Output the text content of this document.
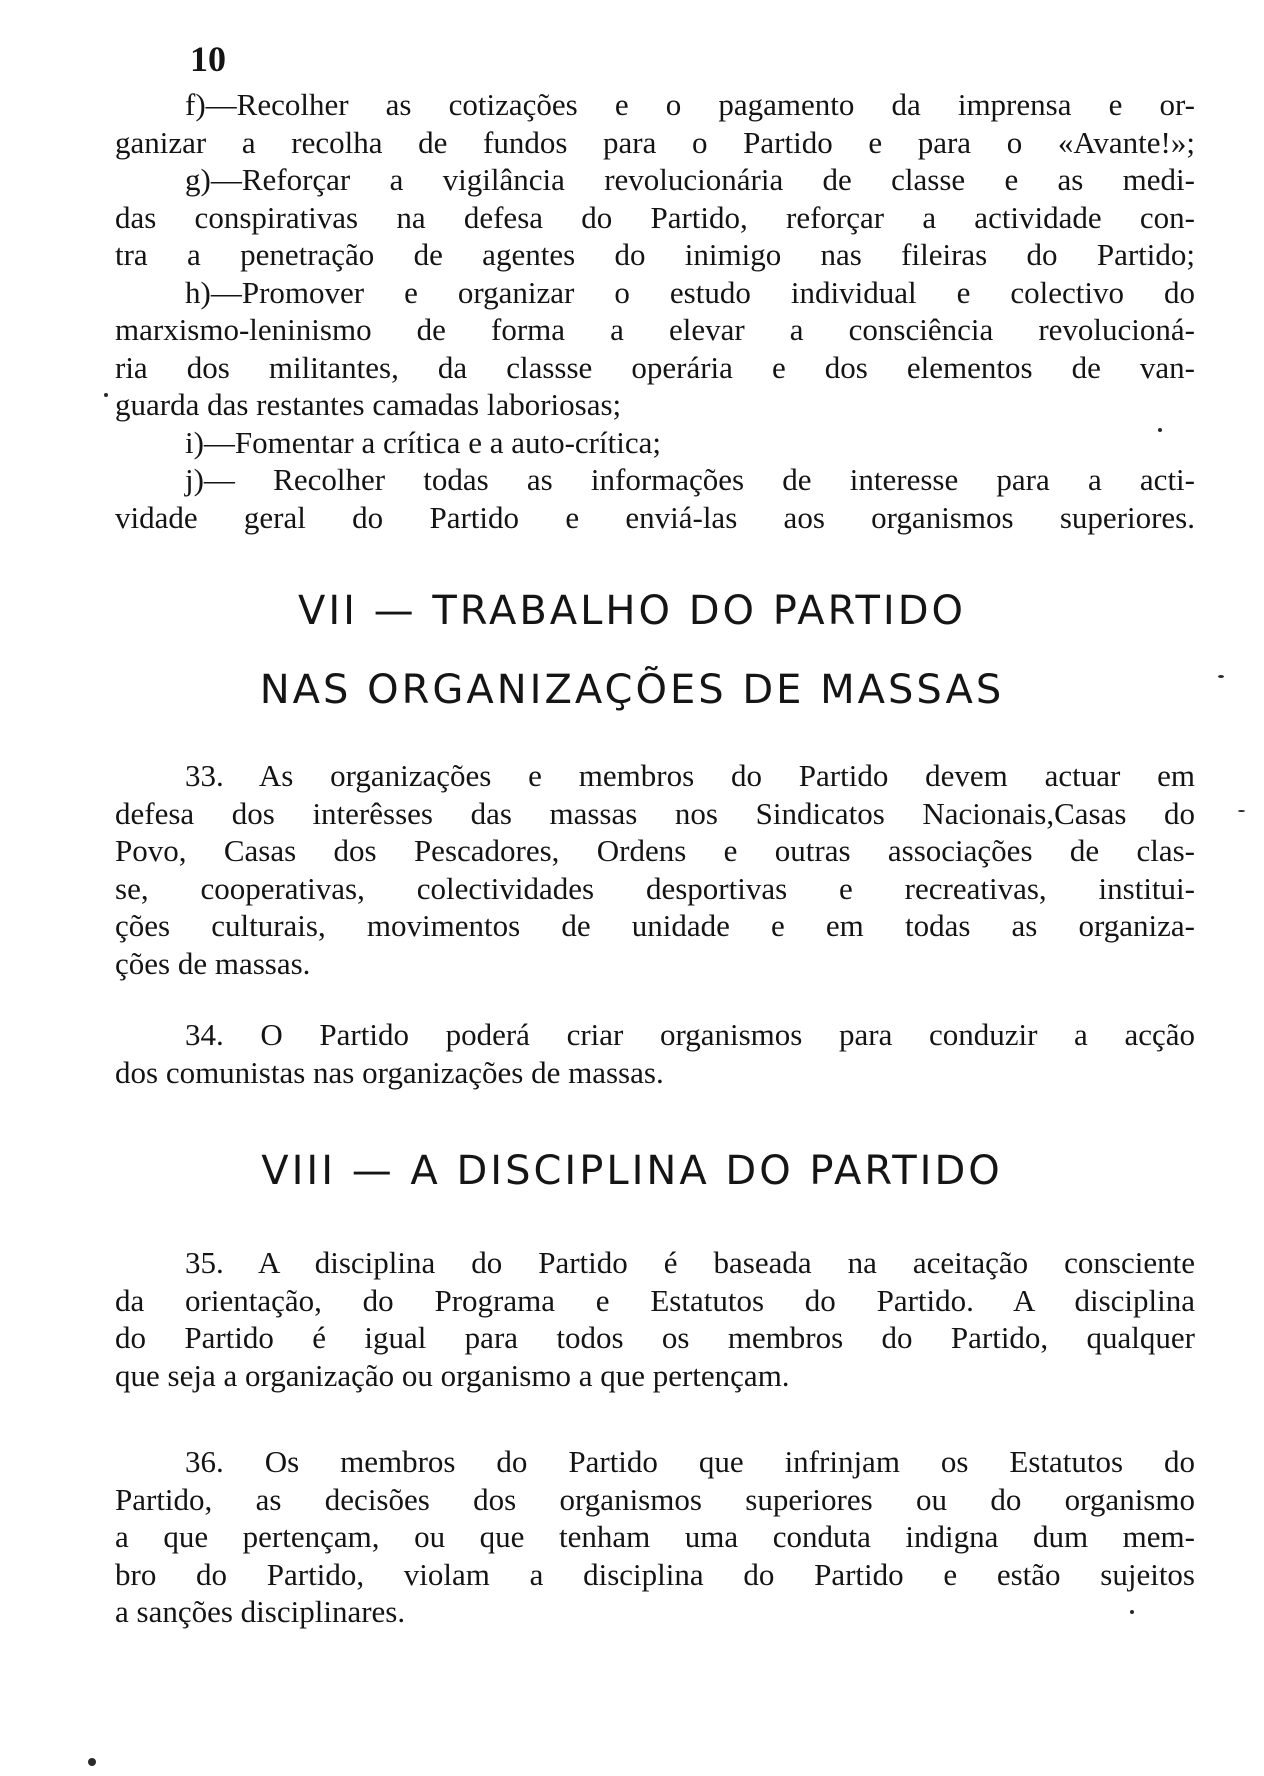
10
f)—Recolher as cotizações e o pagamento da imprensa e or-
ganizar a recolha de fundos para o Partido e para o «Avante!»;
g)—Reforçar a vigilância revolucionária de classe e as medi-
das conspirativas na defesa do Partido, reforçar a actividade con-
tra a penetração de agentes do inimigo nas fileiras do Partido;
h)—Promover e organizar o estudo individual e colectivo do
marxismo-leninismo de forma a elevar a consciência revolucioná-
ria dos militantes, da classse operária e dos elementos de van-
guarda das restantes camadas laboriosas;
i)—Fomentar a crítica e a auto-crítica;
j)— Recolher todas as informações de interesse para a acti-
vidade geral do Partido e enviá-las aos organismos superiores.
VII — TRABALHO DO PARTIDO
NAS ORGANIZAÇÕES DE MASSAS
33. As organizações e membros do Partido devem actuar em
defesa dos interêsses das massas nos Sindicatos Nacionais,Casas do
Povo, Casas dos Pescadores, Ordens e outras associações de clas-
se, cooperativas, colectividades desportivas e recreativas, institui-
ções culturais, movimentos de unidade e em todas as organiza-
ções de massas.
34. O Partido poderá criar organismos para conduzir a acção
dos comunistas nas organizações de massas.
VIII — A DISCIPLINA DO PARTIDO
35. A disciplina do Partido é baseada na aceitação consciente
da orientação, do Programa e Estatutos do Partido. A disciplina
do Partido é igual para todos os membros do Partido, qualquer
que seja a organização ou organismo a que pertençam.
36. Os membros do Partido que infrinjam os Estatutos do
Partido, as decisões dos organismos superiores ou do organismo
a que pertençam, ou que tenham uma conduta indigna dum mem-
bro do Partido, violam a disciplina do Partido e estão sujeitos
a sanções disciplinares.
